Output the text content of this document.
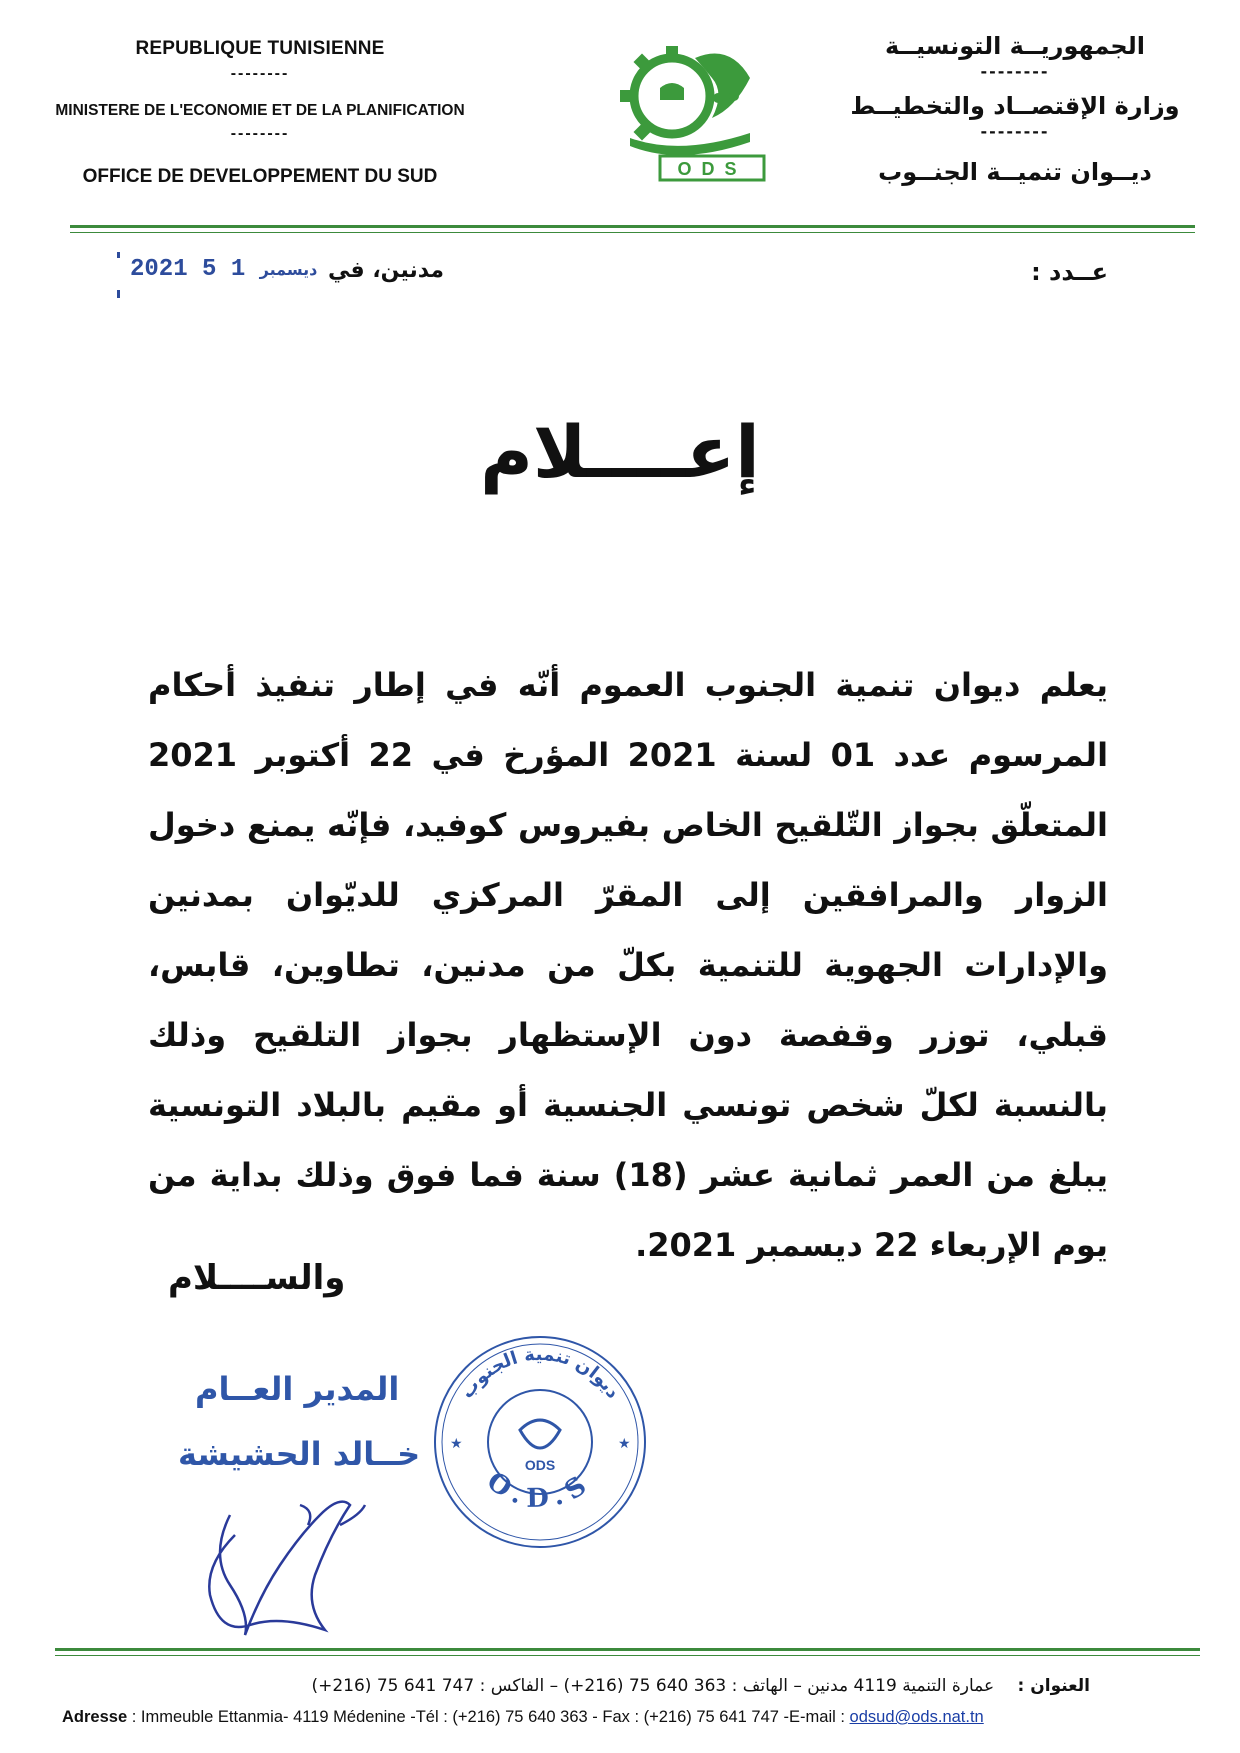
REPUBLIQUE TUNISIENNE
--------
MINISTERE DE L'ECONOMIE ET DE LA PLANIFICATION
--------
OFFICE DE DEVELOPPEMENT DU SUD	ODS
الجمهوريــة التونسيــة
--------
وزارة الإقتصــاد والتخطيــط
--------
ديــوان تنميــة الجنــوب
عــدد :
مدنين، في
2021	ديسمبر 1 5
إعــــلام
يعلم ديوان تنمية الجنوب العموم أنّه في إطار تنفيذ أحكام المرسوم عدد 01 لسنة 2021 المؤرخ في 22 أكتوبر 2021 المتعلّق بجواز التّلقيح الخاص بفيروس كوفيد، فإنّه يمنع دخول الزوار والمرافقين إلى المقرّ المركزي للديّوان بمدنين والإدارات الجهوية للتنمية بكلّ من مدنين، تطاوين، قابس، قبلي، توزر وقفصة دون الإستظهار بجواز التلقيح وذلك بالنسبة لكلّ شخص تونسي الجنسية أو مقيم بالبلاد التونسية يبلغ من العمر ثمانية عشر (18) سنة فما فوق وذلك بداية من يوم الإربعاء 22 ديسمبر 2021.
والســــلام
المدير العــام
خــالد الحشيشة
ديوان تنمية الجنوب
O.D.S
ODS
★	★
العنوان : عمارة التنمية 4119 مدنين – الهاتف : 363 640 75 (216+) – الفاكس : 747 641 75 (216+)
Adresse : Immeuble Ettanmia- 4119 Médenine -Tél : (+216) 75 640 363 - Fax : (+216) 75 641 747 -E-mail : odsud@ods.nat.tn
